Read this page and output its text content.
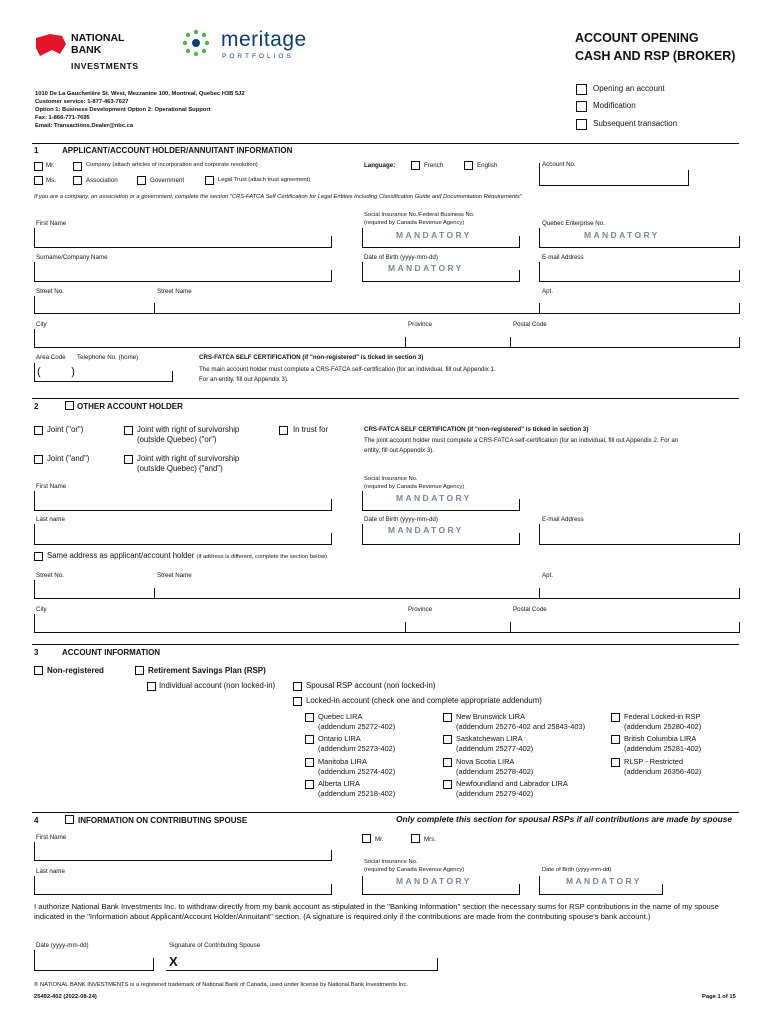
NATIONAL
BANK
INVESTMENTS
meritage
PORTFOLIOS
ACCOUNT OPENING
CASH AND RSP (BROKER)
1010 De La Gauchetière St. West, Mezzanine 100, Montreal, Quebec H3B 5J2
Customer service: 1-877-463-7627
Option 1: Business Development Option 2: Operational Support
Fax: 1-866-771-7695
Email: Transactions.Dealer@nbc.ca
Opening an account
Modification
Subsequent transaction
1	APPLICANT/ACCOUNT HOLDER/ANNUITANT INFORMATION
Mr.
Ms.
Company (attach articles of incorporation and corporate resolution)
Association	Government	Legal Trust (attach trust agreement)
Language:	French	English	Account No.
If you are a company, an association or a government, complete the section "CRS-FATCA Self Certification for Legal Entities Including Classification Guide and Documentation Requirements"
First Name
Social Insurance No./Federal Business No.
(required by Canada Revenue Agency)
MANDATORY
Quebec Enterprise No.
MANDATORY
Surname/Company Name	Date of Birth (yyyy-mm-dd)
MANDATORY
E-mail Address
Street No.	Street Name	Apt.
City	Province	Postal Code
Area Code Telephone No. (home)
(          )
CRS-FATCA SELF CERTIFICATION (if "non-registered" is ticked in section 3)
The main account holder must complete a CRS-FATCA self-certification (for an individual, fill out Appendix 1.
For an entity, fill out Appendix 3).
2	OTHER ACCOUNT HOLDER
Joint ("or")	Joint with right of survivorship
(outside Quebec) ("or")
In trust for
Joint ("and")	Joint with right of survivorship
(outside Quebec) ("and")
CRS-FATCA SELF CERTIFICATION (if "non-registered" is ticked in section 3)
The joint account holder must complete a CRS-FATCA self-certification (for an individual, fill out Appendix 2. For an
entity, fill out Appendix 3).
First Name
Social Insurance No.
(required by Canada Revenue Agency)
MANDATORY
Last name	Date of Birth (yyyy-mm-dd)
MANDATORY
E-mail Address
Same address as applicant/account holder (if address is different, complete the section below)
Street No.	Street Name	Apt.
City	Province	Postal Code
3	ACCOUNT INFORMATION
Non-registered	Retirement Savings Plan (RSP)
Individual account (non locked-in)	Spousal RSP account (non locked-in)
Locked-in account (check one and complete appropriate addendum)
Quebec LIRA
(addendum 25272-402)
Ontario LIRA
(addendum 25273-402)
Manitoba LIRA
(addendum 25274-402)
Alberta LIRA
(addendum 25218-402)
New Brunswick LIRA
(addendum 25276-402 and 25843-403)
Saskatchewan LIRA
(addendum 25277-402)
Nova Scotia LIRA
(addendum 25278-402)
Newfoundland and Labrador LIRA
(addendum 25279-402)
Federal Locked-in RSP
(addendum 25280-402)
British Columbia LIRA
(addendum 25281-402)
RLSP - Restricted
(addendum 26356-402)
4	INFORMATION ON CONTRIBUTING SPOUSE	Only complete this section for spousal RSPs if all contributions are made by spouse
First Name	Mr.	Mrs.
Last name
Social Insurance No.
(required by Canada Revenue Agency)
MANDATORY
Date of Birth (yyyy-mm-dd)
MANDATORY
I authorize National Bank Investments Inc. to withdraw directly from my bank account as stipulated in the "Banking Information" section the necessary sums for RSP contributions in the name of my spouse indicated in the "Information about Applicant/Account Holder/Annuitant" section. (A signature is required only if the contributions are made from the contributing spouse's bank account.)
Date (yyyy-mm-dd)	Signature of Contributing Spouse
X
® NATIONAL BANK INVESTMENTS is a registered trademark of National Bank of Canada, used under license by National Bank Investments Inc.
25492-402 (2022-08-24)	Page 1 of 15
